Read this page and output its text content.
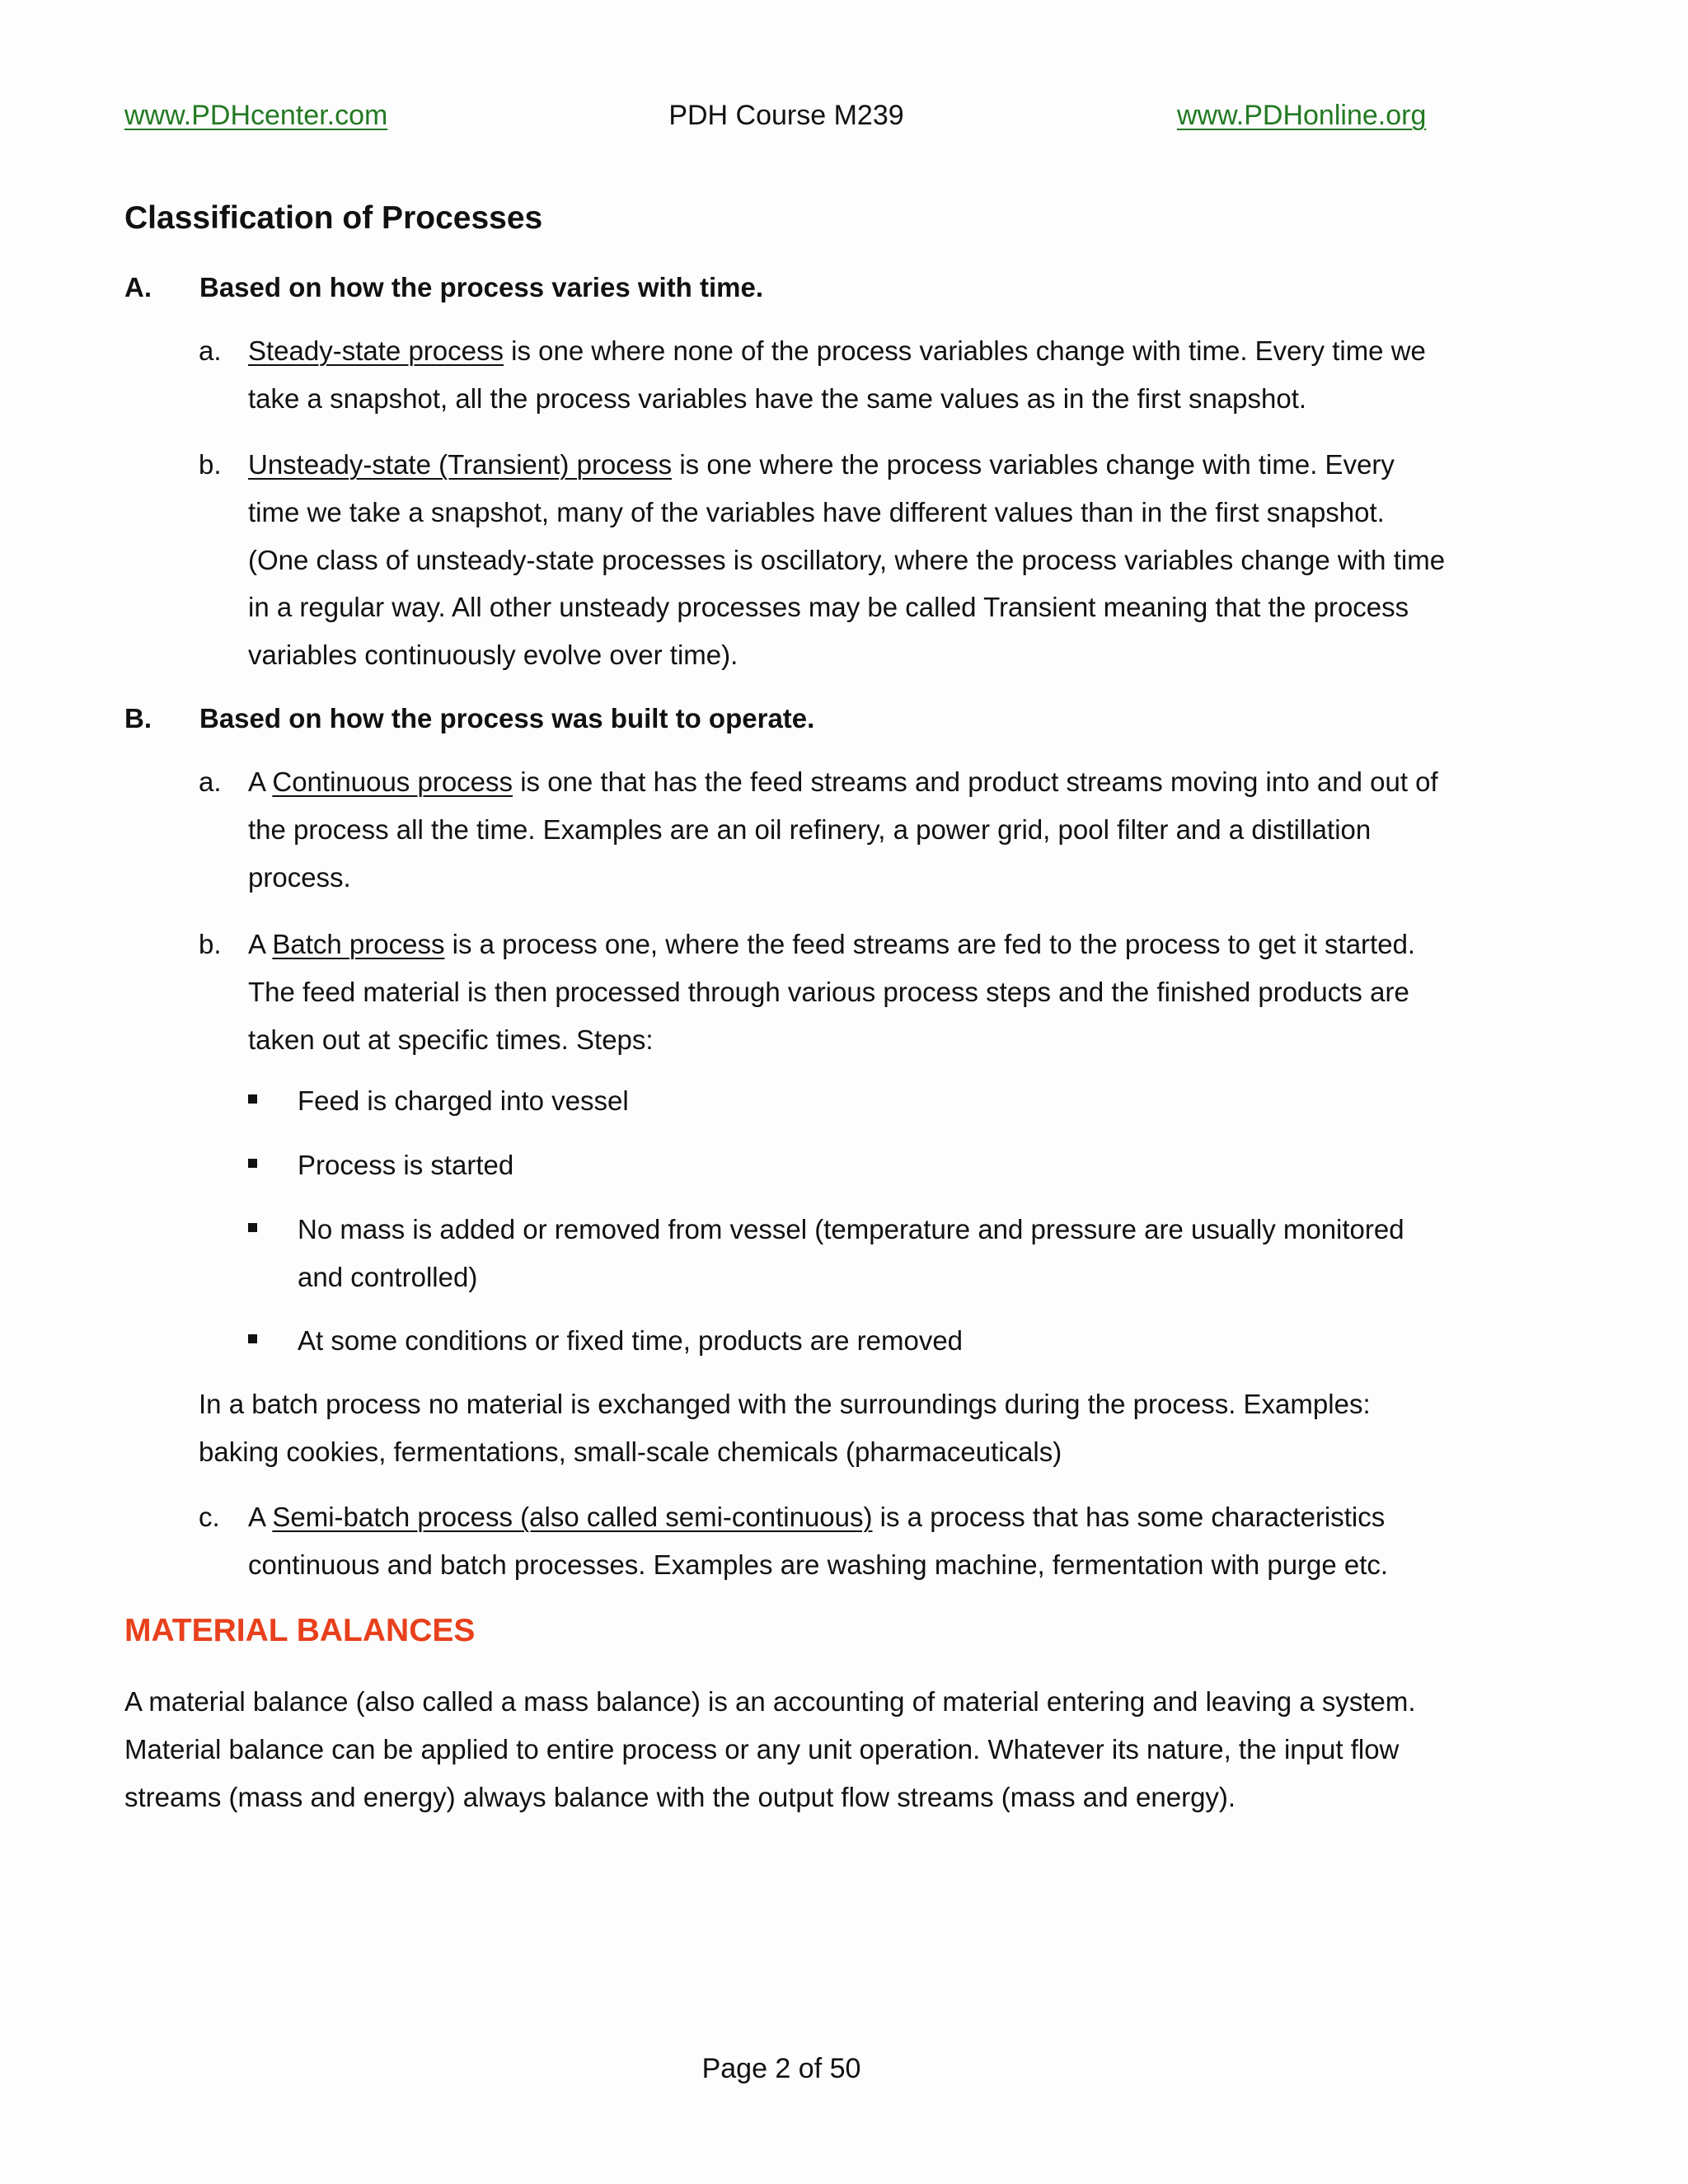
www.PDHcenter.com	PDH Course M239	www.PDHonline.org
Classification of Processes
A. Based on how the process varies with time.
a. Steady-state process is one where none of the process variables change with time. Every time we take a snapshot, all the process variables have the same values as in the first snapshot.
b. Unsteady-state (Transient) process is one where the process variables change with time. Every time we take a snapshot, many of the variables have different values than in the first snapshot. (One class of unsteady-state processes is oscillatory, where the process variables change with time in a regular way. All other unsteady processes may be called Transient meaning that the process variables continuously evolve over time).
B. Based on how the process was built to operate.
a. A Continuous process is one that has the feed streams and product streams moving into and out of the process all the time. Examples are an oil refinery, a power grid, pool filter and a distillation process.
b. A Batch process is a process one, where the feed streams are fed to the process to get it started. The feed material is then processed through various process steps and the finished products are taken out at specific times. Steps:
Feed is charged into vessel
Process is started
No mass is added or removed from vessel (temperature and pressure are usually monitored and controlled)
At some conditions or fixed time, products are removed
In a batch process no material is exchanged with the surroundings during the process. Examples: baking cookies, fermentations, small-scale chemicals (pharmaceuticals)
c. A Semi-batch process (also called semi-continuous) is a process that has some characteristics continuous and batch processes. Examples are washing machine, fermentation with purge etc.
MATERIAL BALANCES
A material balance (also called a mass balance) is an accounting of material entering and leaving a system. Material balance can be applied to entire process or any unit operation. Whatever its nature, the input flow streams (mass and energy) always balance with the output flow streams (mass and energy).
Page 2 of 50
